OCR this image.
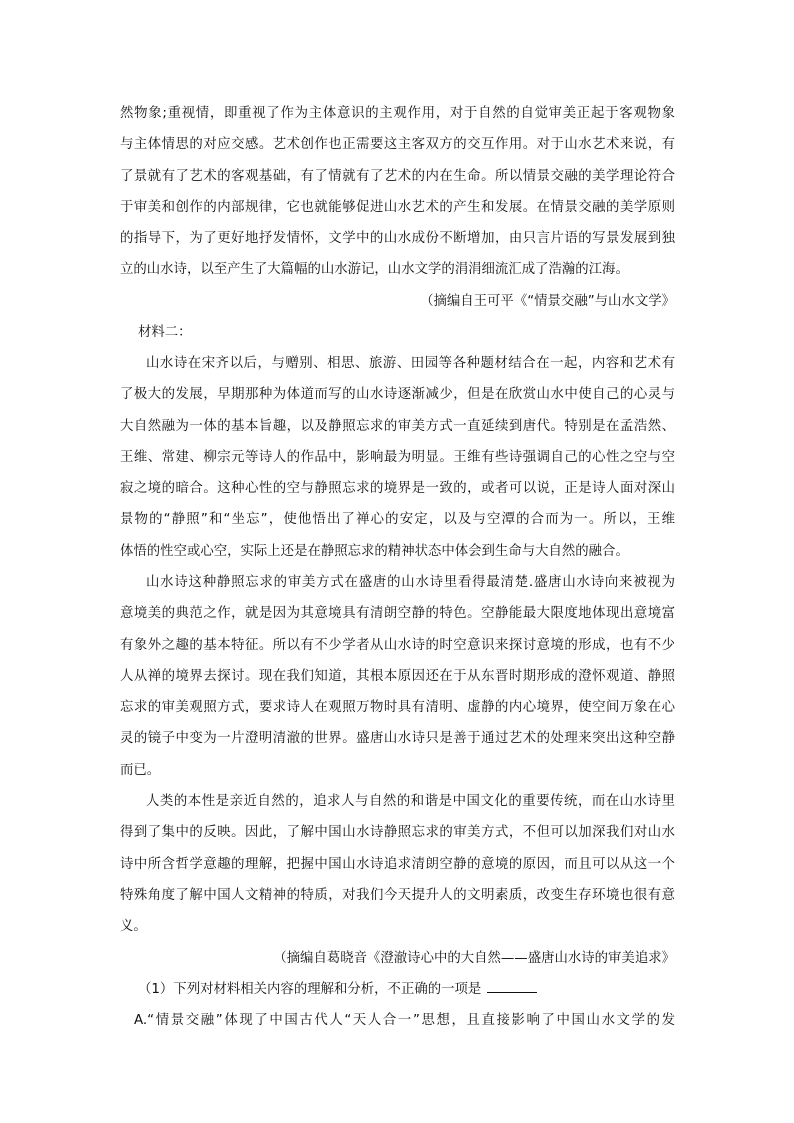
然物象;重视情，即重视了作为主体意识的主观作用，对于自然的自觉审美正起于客观物象
与主体情思的对应交感。艺术创作也正需要这主客双方的交互作用。对于山水艺术来说，有
了景就有了艺术的客观基础，有了情就有了艺术的内在生命。所以情景交融的美学理论符合
于审美和创作的内部规律，它也就能够促进山水艺术的产生和发展。在情景交融的美学原则
的指导下，为了更好地抒发情怀，文学中的山水成份不断增加，由只言片语的写景发展到独
立的山水诗，以至产生了大篇幅的山水游记，山水文学的涓涓细流汇成了浩瀚的江海。
（摘编自王可平《“情景交融”与山水文学》
材料二：
山水诗在宋齐以后，与赠别、相思、旅游、田园等各种题材结合在一起，内容和艺术有
了极大的发展，早期那种为体道而写的山水诗逐渐减少，但是在欣赏山水中使自己的心灵与
大自然融为一体的基本旨趣，以及静照忘求的审美方式一直延续到唐代。特别是在孟浩然、
王维、常建、柳宗元等诗人的作品中，影响最为明显。王维有些诗强调自己的心性之空与空
寂之境的暗合。这种心性的空与静照忘求的境界是一致的，或者可以说，正是诗人面对深山
景物的“静照”和“坐忘”，使他悟出了禅心的安定，以及与空潭的合而为一。所以，王维
体悟的性空或心空，实际上还是在静照忘求的精神状态中体会到生命与大自然的融合。
山水诗这种静照忘求的审美方式在盛唐的山水诗里看得最清楚.盛唐山水诗向来被视为
意境美的典范之作，就是因为其意境具有清朗空静的特色。空静能最大限度地体现出意境富
有象外之趣的基本特征。所以有不少学者从山水诗的时空意识来探讨意境的形成，也有不少
人从禅的境界去探讨。现在我们知道，其根本原因还在于从东晋时期形成的澄怀观道、静照
忘求的审美观照方式，要求诗人在观照万物时具有清明、虚静的内心境界，使空间万象在心
灵的镜子中变为一片澄明清澈的世界。盛唐山水诗只是善于通过艺术的处理来突出这种空静
而已。
人类的本性是亲近自然的，追求人与自然的和谐是中国文化的重要传统，而在山水诗里
得到了集中的反映。因此，了解中国山水诗静照忘求的审美方式，不但可以加深我们对山水
诗中所含哲学意趣的理解，把握中国山水诗追求清朗空静的意境的原因，而且可以从这一个
特殊角度了解中国人文精神的特质，对我们今天提升人的文明素质，改变生存环境也很有意
义。
（摘编自葛晓音《澄澈诗心中的大自然——盛唐山水诗的审美追求》
（1）下列对材料相关内容的理解和分析，不正确的一项是
A.“情景交融”体现了中国古代人“天人合一”思想，且直接影响了中国山水文学的发
